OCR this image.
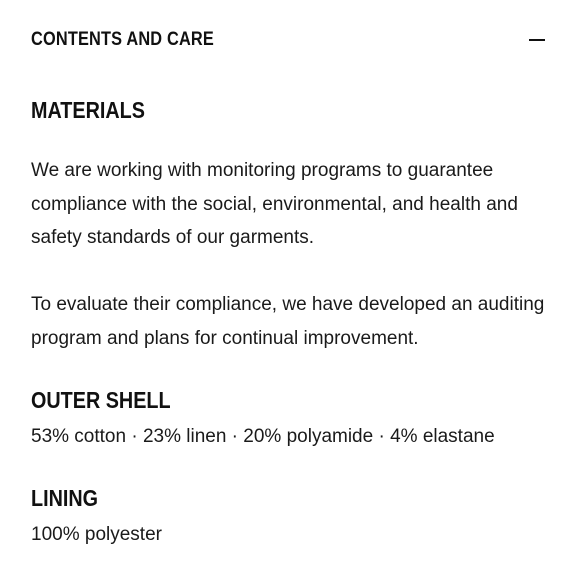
CONTENTS AND CARE
MATERIALS
We are working with monitoring programs to guarantee compliance with the social, environmental, and health and safety standards of our garments.
To evaluate their compliance, we have developed an auditing program and plans for continual improvement.
OUTER SHELL
53% cotton · 23% linen · 20% polyamide · 4% elastane
LINING
100% polyester
